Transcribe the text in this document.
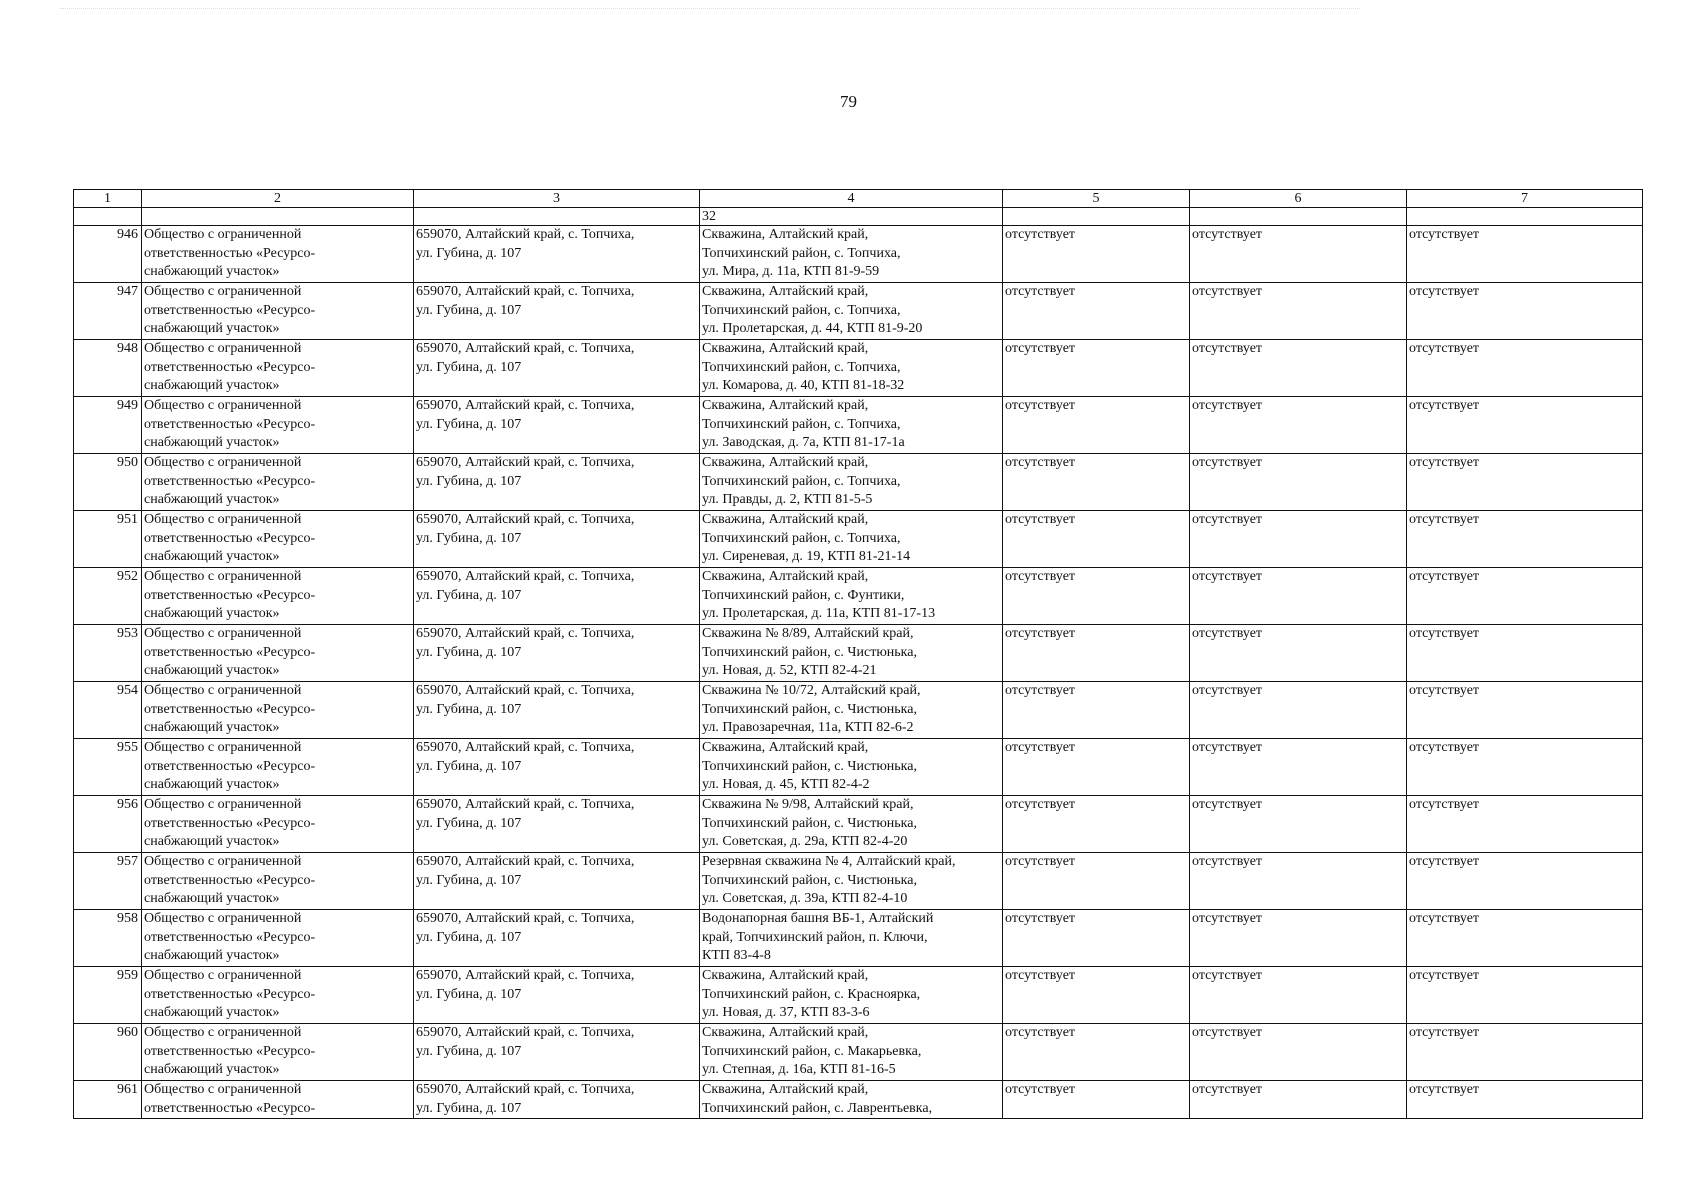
79
1	2	3	4	5	6	7
			32			
946	Общество с ограниченной
ответственностью «Ресурсо-
снабжающий участок»	659070, Алтайский край, с. Топчиха,
ул. Губина, д. 107	Скважина, Алтайский край,
Топчихинский район, с. Топчиха,
ул. Мира, д. 11а, КТП 81-9-59	отсутствует	отсутствует	отсутствует
947	Общество с ограниченной
ответственностью «Ресурсо-
снабжающий участок»	659070, Алтайский край, с. Топчиха,
ул. Губина, д. 107	Скважина, Алтайский край,
Топчихинский район, с. Топчиха,
ул. Пролетарская, д. 44, КТП 81-9-20	отсутствует	отсутствует	отсутствует
948	Общество с ограниченной
ответственностью «Ресурсо-
снабжающий участок»	659070, Алтайский край, с. Топчиха,
ул. Губина, д. 107	Скважина, Алтайский край,
Топчихинский район, с. Топчиха,
ул. Комарова, д. 40, КТП 81-18-32	отсутствует	отсутствует	отсутствует
949	Общество с ограниченной
ответственностью «Ресурсо-
снабжающий участок»	659070, Алтайский край, с. Топчиха,
ул. Губина, д. 107	Скважина, Алтайский край,
Топчихинский район, с. Топчиха,
ул. Заводская, д. 7а, КТП 81-17-1а	отсутствует	отсутствует	отсутствует
950	Общество с ограниченной
ответственностью «Ресурсо-
снабжающий участок»	659070, Алтайский край, с. Топчиха,
ул. Губина, д. 107	Скважина, Алтайский край,
Топчихинский район, с. Топчиха,
ул. Правды, д. 2, КТП 81-5-5	отсутствует	отсутствует	отсутствует
951	Общество с ограниченной
ответственностью «Ресурсо-
снабжающий участок»	659070, Алтайский край, с. Топчиха,
ул. Губина, д. 107	Скважина, Алтайский край,
Топчихинский район, с. Топчиха,
ул. Сиреневая, д. 19, КТП 81-21-14	отсутствует	отсутствует	отсутствует
952	Общество с ограниченной
ответственностью «Ресурсо-
снабжающий участок»	659070, Алтайский край, с. Топчиха,
ул. Губина, д. 107	Скважина, Алтайский край,
Топчихинский район, с. Фунтики,
ул. Пролетарская, д. 11а, КТП 81-17-13	отсутствует	отсутствует	отсутствует
953	Общество с ограниченной
ответственностью «Ресурсо-
снабжающий участок»	659070, Алтайский край, с. Топчиха,
ул. Губина, д. 107	Скважина № 8/89, Алтайский край,
Топчихинский район, с. Чистюнька,
ул. Новая, д. 52, КТП 82-4-21	отсутствует	отсутствует	отсутствует
954	Общество с ограниченной
ответственностью «Ресурсо-
снабжающий участок»	659070, Алтайский край, с. Топчиха,
ул. Губина, д. 107	Скважина № 10/72, Алтайский край,
Топчихинский район, с. Чистюнька,
ул. Правозаречная, 11а, КТП 82-6-2	отсутствует	отсутствует	отсутствует
955	Общество с ограниченной
ответственностью «Ресурсо-
снабжающий участок»	659070, Алтайский край, с. Топчиха,
ул. Губина, д. 107	Скважина, Алтайский край,
Топчихинский район, с. Чистюнька,
ул. Новая, д. 45, КТП 82-4-2	отсутствует	отсутствует	отсутствует
956	Общество с ограниченной
ответственностью «Ресурсо-
снабжающий участок»	659070, Алтайский край, с. Топчиха,
ул. Губина, д. 107	Скважина № 9/98, Алтайский край,
Топчихинский район, с. Чистюнька,
ул. Советская, д. 29а, КТП 82-4-20	отсутствует	отсутствует	отсутствует
957	Общество с ограниченной
ответственностью «Ресурсо-
снабжающий участок»	659070, Алтайский край, с. Топчиха,
ул. Губина, д. 107	Резервная скважина № 4, Алтайский край,
Топчихинский район, с. Чистюнька,
ул. Советская, д. 39а, КТП 82-4-10	отсутствует	отсутствует	отсутствует
958	Общество с ограниченной
ответственностью «Ресурсо-
снабжающий участок»	659070, Алтайский край, с. Топчиха,
ул. Губина, д. 107	Водонапорная башня ВБ-1, Алтайский
край, Топчихинский район, п. Ключи,
КТП 83-4-8	отсутствует	отсутствует	отсутствует
959	Общество с ограниченной
ответственностью «Ресурсо-
снабжающий участок»	659070, Алтайский край, с. Топчиха,
ул. Губина, д. 107	Скважина, Алтайский край,
Топчихинский район, с. Красноярка,
ул. Новая, д. 37, КТП 83-3-6	отсутствует	отсутствует	отсутствует
960	Общество с ограниченной
ответственностью «Ресурсо-
снабжающий участок»	659070, Алтайский край, с. Топчиха,
ул. Губина, д. 107	Скважина, Алтайский край,
Топчихинский район, с. Макарьевка,
ул. Степная, д. 16а, КТП 81-16-5	отсутствует	отсутствует	отсутствует
961	Общество с ограниченной
ответственностью «Ресурсо-	659070, Алтайский край, с. Топчиха,
ул. Губина, д. 107	Скважина, Алтайский край,
Топчихинский район, с. Лаврентьевка,	отсутствует	отсутствует	отсутствует
